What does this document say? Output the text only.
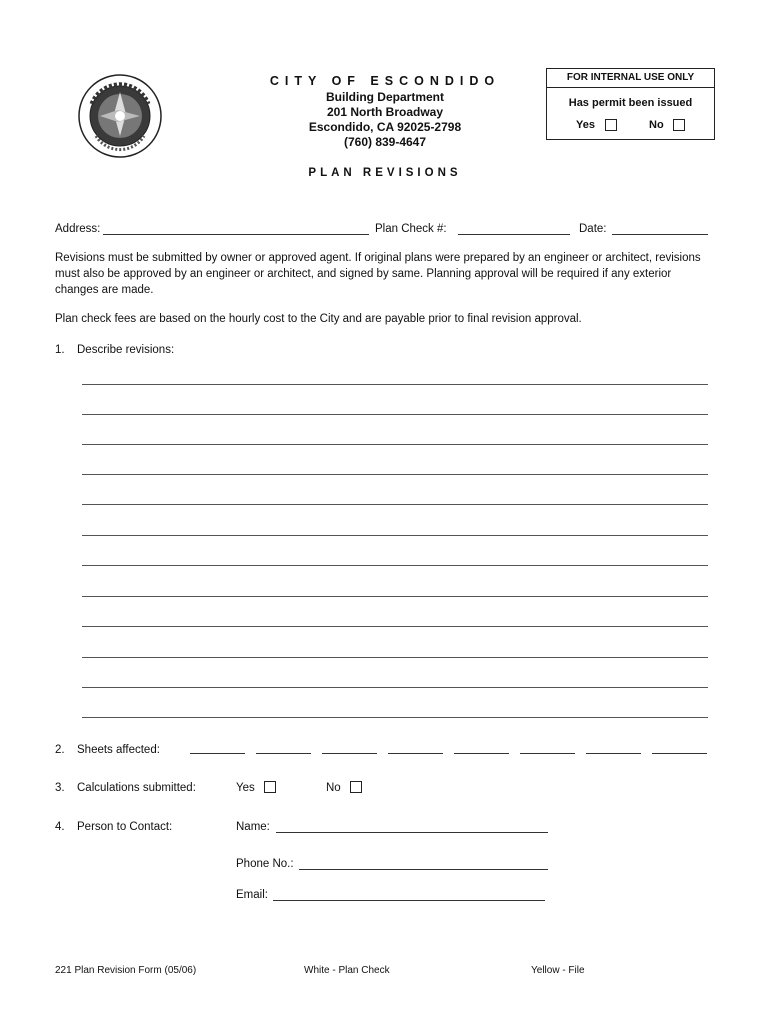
CITY OF ESCONDIDO
Building Department
201 North Broadway
Escondido, CA 92025-2798
(760) 839-4647
PLAN REVISIONS
FOR INTERNAL USE ONLY
Has permit been issued
Yes	No
Address:	Plan Check #:	Date:
Revisions must be submitted by owner or approved agent. If original plans were prepared by an engineer or architect, revisions must also be approved by an engineer or architect, and signed by same. Planning approval will be required if any exterior changes are made.
Plan check fees are based on the hourly cost to the City and are payable prior to final revision approval.
1. Describe revisions:
2. Sheets affected:
3. Calculations submitted:	Yes	No
4. Person to Contact:	Name:
Phone No.:
Email:
221 Plan Revision Form (05/06)	White - Plan Check	Yellow - File
